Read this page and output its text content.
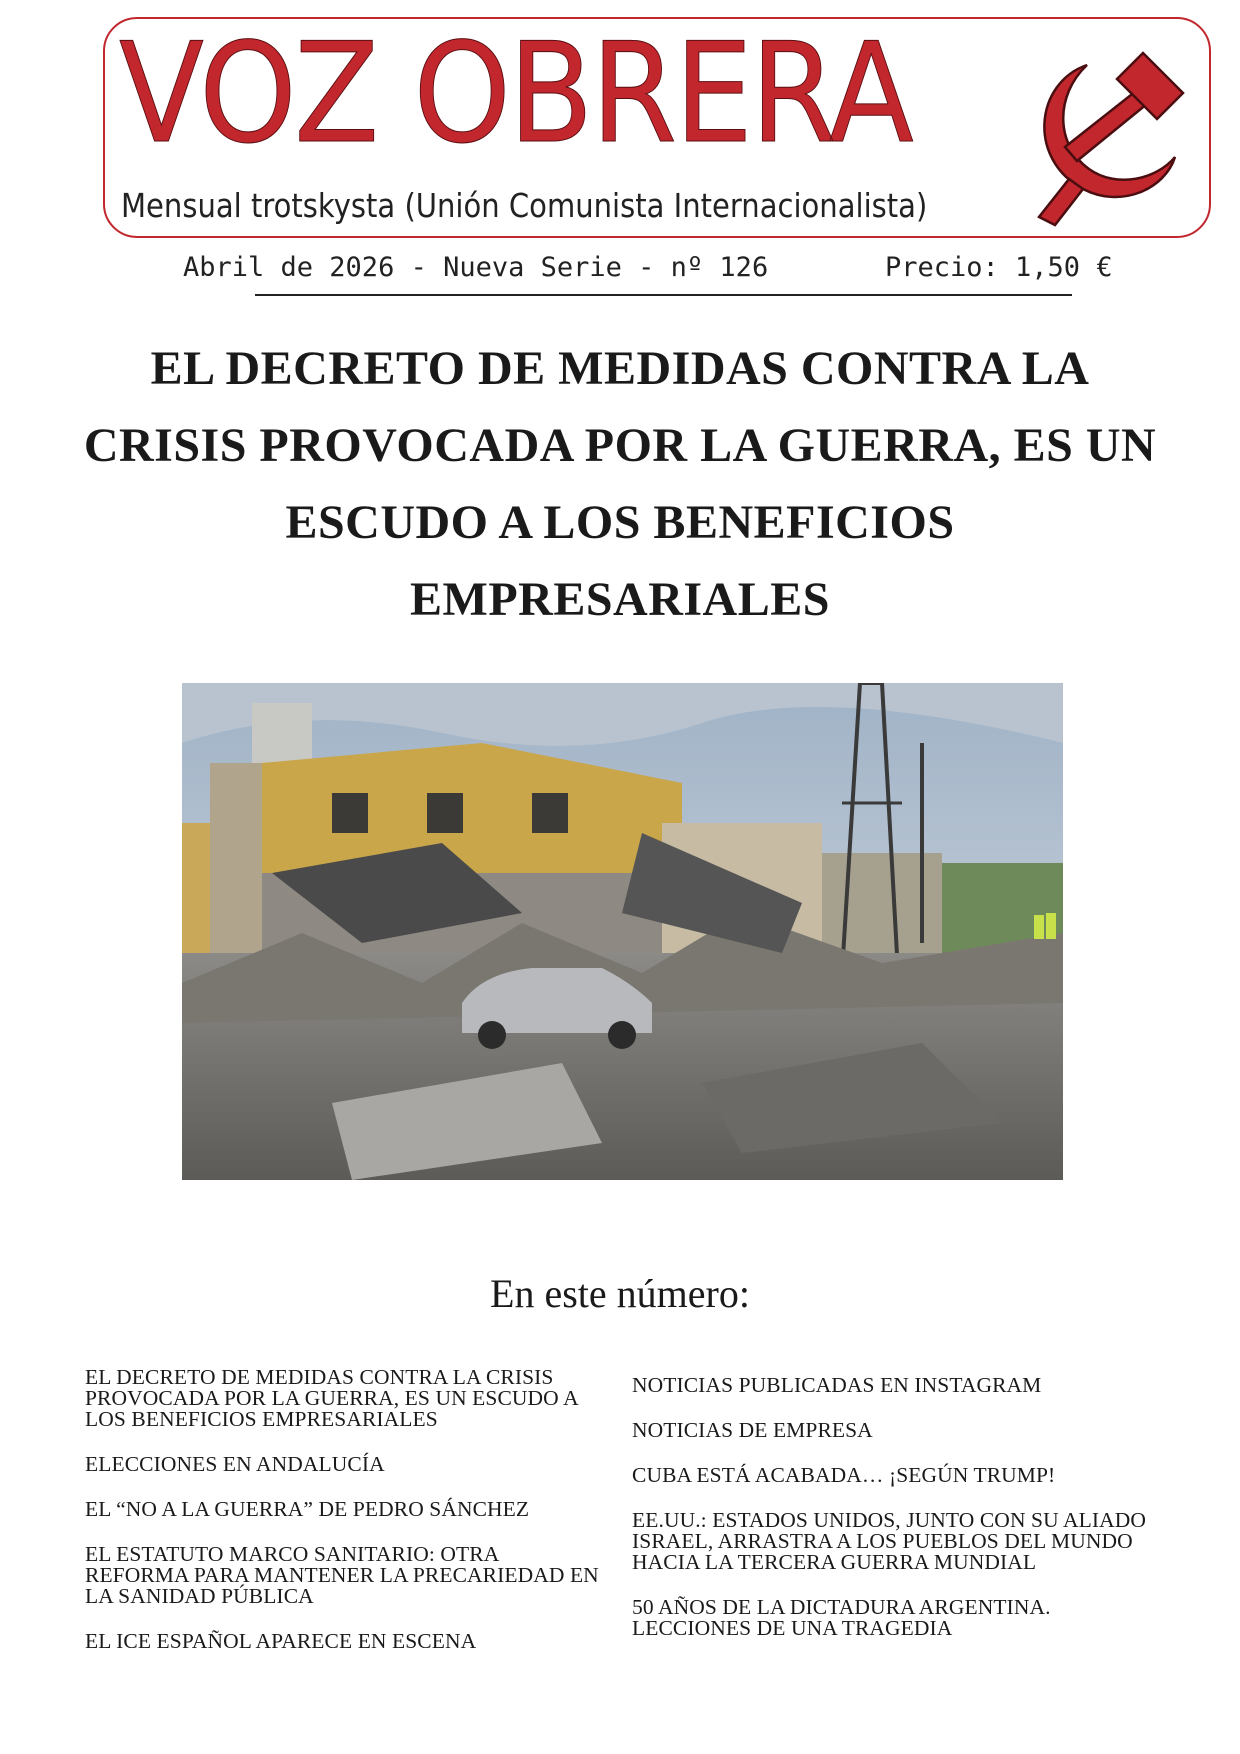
VOZ OBRERA
Mensual trotskysta (Unión Comunista Internacionalista)
Abril de 2026 - Nueva Serie - nº 126	Precio: 1,50 €
EL DECRETO DE MEDIDAS CONTRA LA CRISIS PROVOCADA POR LA GUERRA, ES UN ESCUDO A LOS BENEFICIOS EMPRESARIALES
En este número:
EL DECRETO DE MEDIDAS CONTRA LA CRISIS PROVOCADA POR LA GUERRA, ES UN ESCUDO A LOS BENEFICIOS EMPRESARIALES
ELECCIONES EN ANDALUCÍA
EL “NO A LA GUERRA” DE PEDRO SÁNCHEZ
EL ESTATUTO MARCO SANITARIO: OTRA REFORMA PARA MANTENER LA PRECARIEDAD EN LA SANIDAD PÚBLICA
EL ICE ESPAÑOL APARECE EN ESCENA
NOTICIAS PUBLICADAS EN INSTAGRAM
NOTICIAS DE EMPRESA
CUBA ESTÁ ACABADA… ¡SEGÚN TRUMP!
EE.UU.: ESTADOS UNIDOS, JUNTO CON SU ALIADO ISRAEL, ARRASTRA A LOS PUEBLOS DEL MUNDO HACIA LA TERCERA GUERRA MUNDIAL
50 AÑOS DE LA DICTADURA ARGENTINA. LECCIONES DE UNA TRAGEDIA
